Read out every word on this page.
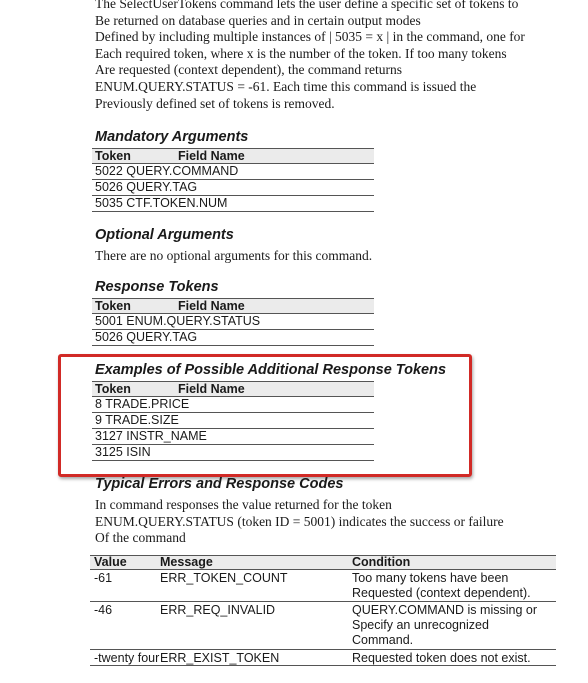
The SelectUserTokens command lets the user define a specific set of tokens to
Be returned on database queries and in certain output modes
Defined by including multiple instances of | 5035 = x | in the command, one for
Each required token, where x is the number of the token. If too many tokens
Are requested (context dependent), the command returns
ENUM.QUERY.STATUS = -61. Each time this command is issued the
Previously defined set of tokens is removed.
Mandatory Arguments
Token	Field Name
5022 QUERY.COMMAND
5026 QUERY.TAG
5035 CTF.TOKEN.NUM
Optional Arguments
There are no optional arguments for this command.
Response Tokens
Token	Field Name
5001 ENUM.QUERY.STATUS
5026 QUERY.TAG
Examples of Possible Additional Response Tokens
Token	Field Name
8 TRADE.PRICE
9 TRADE.SIZE
3127 INSTR_NAME
3125 ISIN
Typical Errors and Response Codes
In command responses the value returned for the token
ENUM.QUERY.STATUS (token ID = 5001) indicates the success or failure
Of the command
Value	Message	Condition
-61	ERR_TOKEN_COUNT	Too many tokens have been
Requested (context dependent).
-46	ERR_REQ_INVALID	QUERY.COMMAND is missing or
Specify an unrecognized
Command.
-twenty four ERR_EXIST_TOKEN	Requested token does not exist.
